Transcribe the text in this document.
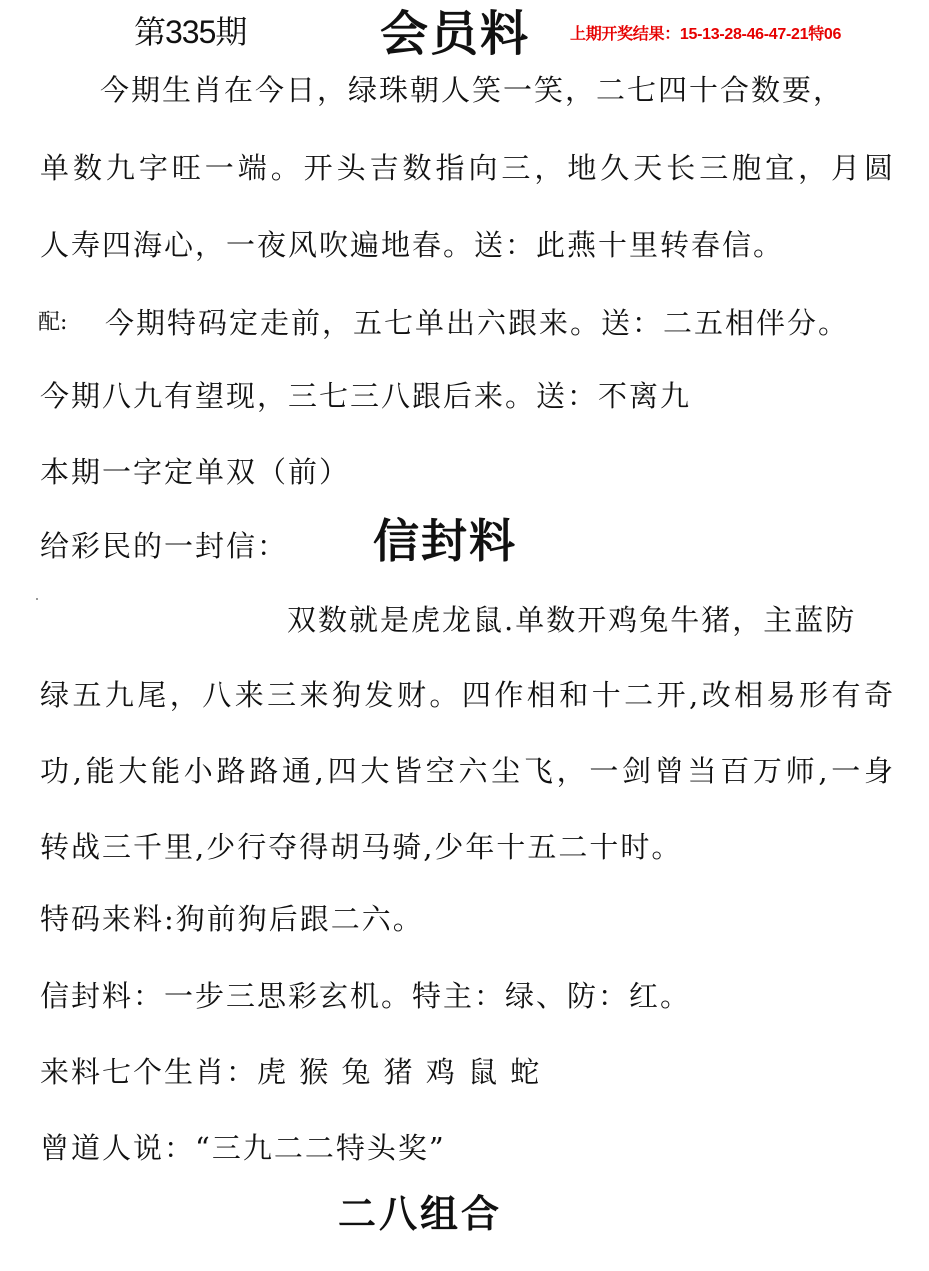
第335期	会员料 上期开奖结果：15-13-28-46-47-21特06
今期生肖在今日，绿珠朝人笑一笑，二七四十合数要，
单数九字旺一端。开头吉数指向三，地久天长三胞宜，月圆
人寿四海心，一夜风吹遍地春。送：此燕十里转春信。
配: 今期特码定走前，五七单出六跟来。送：二五相伴分。
今期八九有望现，三七三八跟后来。送：不离九
本期一字定单双（前）
给彩民的一封信： 信封料
双数就是虎龙鼠.单数开鸡兔牛猪，主蓝防
绿五九尾，八来三来狗发财。四作相和十二开,改相易形有奇
功,能大能小路路通,四大皆空六尘飞，一剑曾当百万师,一身
转战三千里,少行夺得胡马骑,少年十五二十时。
特码来料:狗前狗后跟二六。
信封料：一步三思彩玄机。特主：绿、防：红。
来料七个生肖：虎 猴 兔 猪 鸡 鼠 蛇
曾道人说：“三九二二特头奖”
二八组合
